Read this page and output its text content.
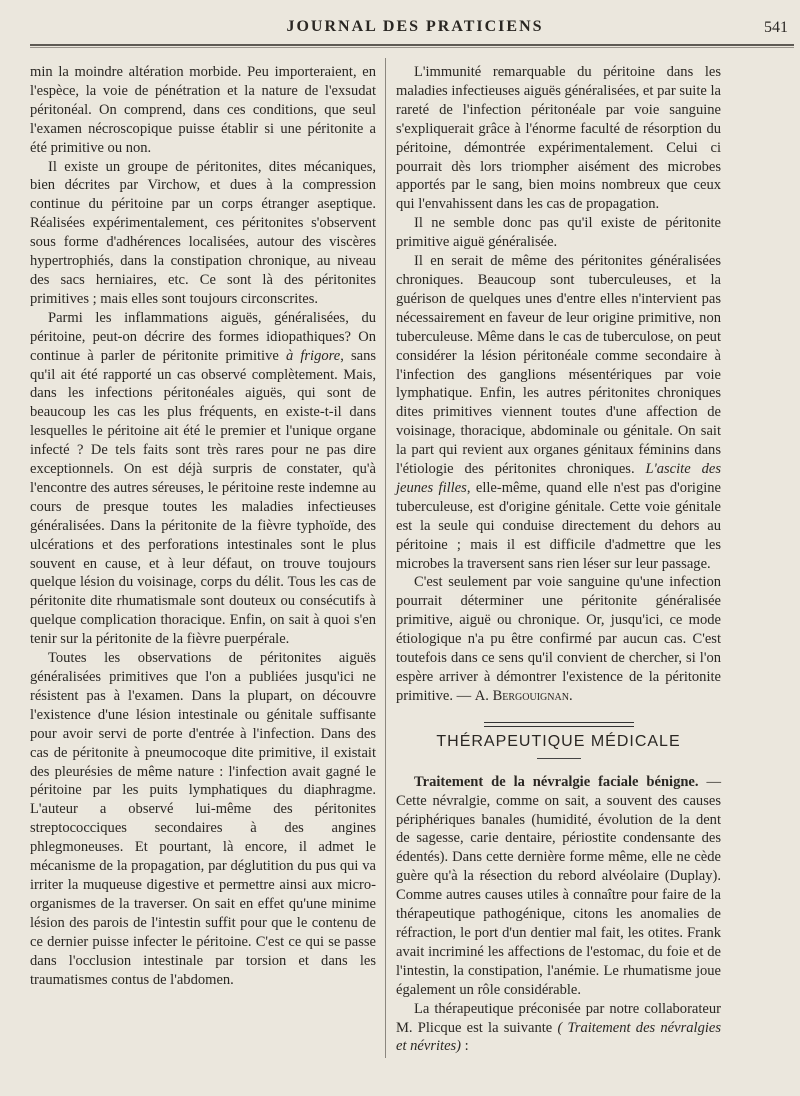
JOURNAL DES PRATICIENS	541

min la moindre altération morbide. Peu importeraient, en l'espèce, la voie de pénétration et la nature de l'exsudat péritonéal. On comprend, dans ces conditions, que seul l'examen nécroscopique puisse établir si une péritonite a été primitive ou non.

Il existe un groupe de péritonites, dites mécaniques, bien décrites par Virchow, et dues à la compression continue du péritoine par un corps étranger aseptique. Réalisées expérimentalement, ces péritonites s'observent sous forme d'adhérences localisées, autour des viscères hypertrophiés, dans la constipation chronique, au niveau des sacs herniaires, etc. Ce sont là des péritonites primitives ; mais elles sont toujours circonscrites.

Parmi les inflammations aiguës, généralisées, du péritoine, peut-on décrire des formes idiopathiques? On continue à parler de péritonite primitive à frigore, sans qu'il ait été rapporté un cas observé complètement. Mais, dans les infections péritonéales aiguës, qui sont de beaucoup les cas les plus fréquents, en existe-t-il dans lesquelles le péritoine ait été le premier et l'unique organe infecté ? De tels faits sont très rares pour ne pas dire exceptionnels. On est déjà surpris de constater, qu'à l'encontre des autres séreuses, le péritoine reste indemne au cours de presque toutes les maladies infectieuses généralisées. Dans la péritonite de la fièvre typhoïde, des ulcérations et des perforations intestinales sont le plus souvent en cause, et à leur défaut, on trouve toujours quelque lésion du voisinage, corps du délit. Tous les cas de péritonite dite rhumatismale sont douteux ou consécutifs à quelque complication thoracique. Enfin, on sait à quoi s'en tenir sur la péritonite de la fièvre puerpérale.

Toutes les observations de péritonites aiguës généralisées primitives que l'on a publiées jusqu'ici ne résistent pas à l'examen. Dans la plupart, on découvre l'existence d'une lésion intestinale ou génitale suffisante pour avoir servi de porte d'entrée à l'infection. Dans des cas de péritonite à pneumocoque dite primitive, il existait des pleurésies de même nature : l'infection avait gagné le péritoine par les puits lymphatiques du diaphragme. L'auteur a observé lui-même des péritonites streptococciques secondaires à des angines phlegmoneuses. Et pourtant, là encore, il admet le mécanisme de la propagation, par déglutition du pus qui va irriter la muqueuse digestive et permettre ainsi aux micro-organismes de la traverser. On sait en effet qu'une minime lésion des parois de l'intestin suffit pour que le contenu de ce dernier puisse infecter le péritoine. C'est ce qui se passe dans l'occlusion intestinale par torsion et dans les traumatismes contus de l'abdomen.

L'immunité remarquable du péritoine dans les maladies infectieuses aiguës généralisées, et par suite la rareté de l'infection péritonéale par voie sanguine s'expliquerait grâce à l'énorme faculté de résorption du péritoine, démontrée expérimentalement. Celui ci pourrait dès lors triompher aisément des microbes apportés par le sang, bien moins nombreux que ceux qui l'envahissent dans les cas de propagation.

Il ne semble donc pas qu'il existe de péritonite primitive aiguë généralisée.

Il en serait de même des péritonites généralisées chroniques. Beaucoup sont tuberculeuses, et la guérison de quelques unes d'entre elles n'intervient pas nécessairement en faveur de leur origine primitive, non tuberculeuse. Même dans le cas de tuberculose, on peut considérer la lésion péritonéale comme secondaire à l'infection des ganglions mésentériques par voie lymphatique. Enfin, les autres péritonites chroniques dites primitives viennent toutes d'une affection de voisinage, thoracique, abdominale ou génitale. On sait la part qui revient aux organes génitaux féminins dans l'étiologie des péritonites chroniques. L'ascite des jeunes filles, elle-même, quand elle n'est pas d'origine tuberculeuse, est d'origine génitale. Cette voie génitale est la seule qui conduise directement du dehors au péritoine ; mais il est difficile d'admettre que les microbes la traversent sans rien léser sur leur passage.

C'est seulement par voie sanguine qu'une infection pourrait déterminer une péritonite généralisée primitive, aiguë ou chronique. Or, jusqu'ici, ce mode étiologique n'a pu être confirmé par aucun cas. C'est toutefois dans ce sens qu'il convient de chercher, si l'on espère arriver à démontrer l'existence de la péritonite primitive. — A. Bergouignan.

THÉRAPEUTIQUE MÉDICALE

Traitement de la névralgie faciale bénigne. — Cette névralgie, comme on sait, a souvent des causes périphériques banales (humidité, évolution de la dent de sagesse, carie dentaire, périostite condensante des édentés). Dans cette dernière forme même, elle ne cède guère qu'à la résection du rebord alvéolaire (Duplay). Comme autres causes utiles à connaître pour faire de la thérapeutique pathogénique, citons les anomalies de réfraction, le port d'un dentier mal fait, les otites. Frank avait incriminé les affections de l'estomac, du foie et de l'intestin, la constipation, l'anémie. Le rhumatisme joue également un rôle considérable.

La thérapeutique préconisée par notre collaborateur M. Plicque est la suivante ( Traitement des névralgies et névrites) :
